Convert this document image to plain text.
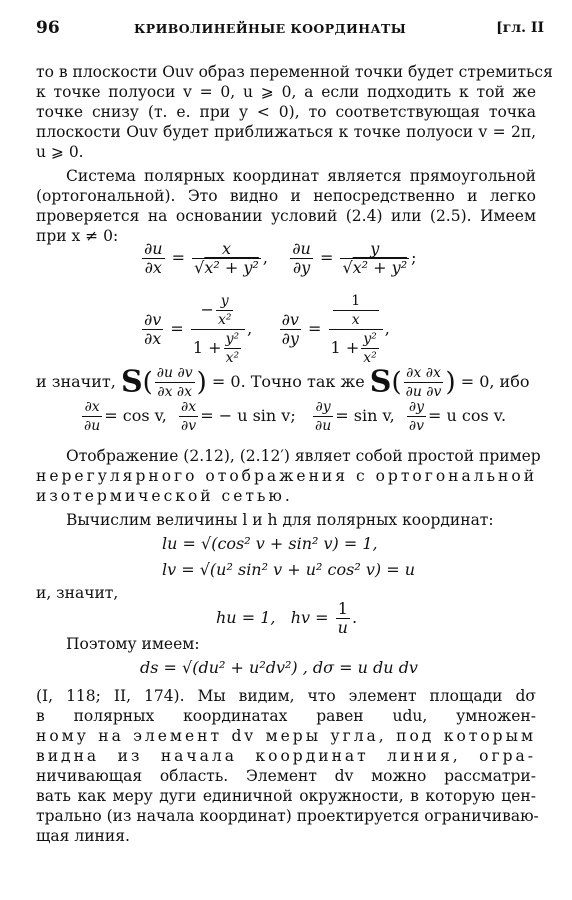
96	КРИВОЛИНЕЙНЫЕ КООРДИНАТЫ	[гл. II
то в плоскости Ouv образ переменной точки будет стремиться
к точке полуоси v = 0, u ⩾ 0, а если подходить к той же
точке снизу (т. е. при y < 0), то соответствующая точка
плоскости Ouv будет приближаться к точке полуоси v = 2π,
u ⩾ 0.
Система полярных координат является прямоугольной
(ортогональной). Это видно и непосредственно и легко
проверяется на основании условий (2.4) или (2.5). Имеем
при x ≠ 0:
$\frac{\partial u}{\partial x} = \frac{x}{\text{√x² + y²}}$ , $\frac{\partial u}{\partial y} = \frac{y}{\text{√x² + y²}}$ ;
$\frac{\partial v}{\partial x} = \frac{- \frac{y}{\text{x²}}}{1 + \frac{\text{y²}}{\text{x²}}}$ , $\frac{\partial v}{\partial y} = 1$
x
$1 + \frac{\text{y²}}{\text{x²}}$ ,
и значит, $S( \frac{\partial u \partial v}{\partial x \partial x}$ ) = 0. Точно так же $S( \frac{\partial x \partial x}{\partial u \partial v}$ ) = 0, ибо
$\frac{\partial x}{\partial u} = \cos v$, $\frac{\partial x}{\partial v}$ = − u sin v; $\frac{\partial y}{\partial u} = \sin v$, $\frac{\partial y}{\partial v} = u$ cos v.
Отображение (2.12), (2.12′) являет собой простой пример
нерегулярного отображения с ортогональной
изотермической сетью.
Вычислим величины l и h для полярных координат:
lu = √(cos² v + sin² v) = 1,
lv = √(u² sin² v + u² cos² v) = u
и, значит,
hu = 1, hv = $\frac{1}{u}$ .
Поэтому имеем:
ds = √(du² + u²dv²) , dσ = u du dv
(I, 118; II, 174). Мы видим, что элемент площади dσ
в полярных координатах равен udu, умножен-
ному на элемент dv меры угла, под которым
видна из начала координат линия, огра-
ничивающая область. Элемент dv можно рассматри-
вать как меру дуги единичной окружности, в которую цен-
трально (из начала координат) проектируется ограничиваю-
щая линия.
